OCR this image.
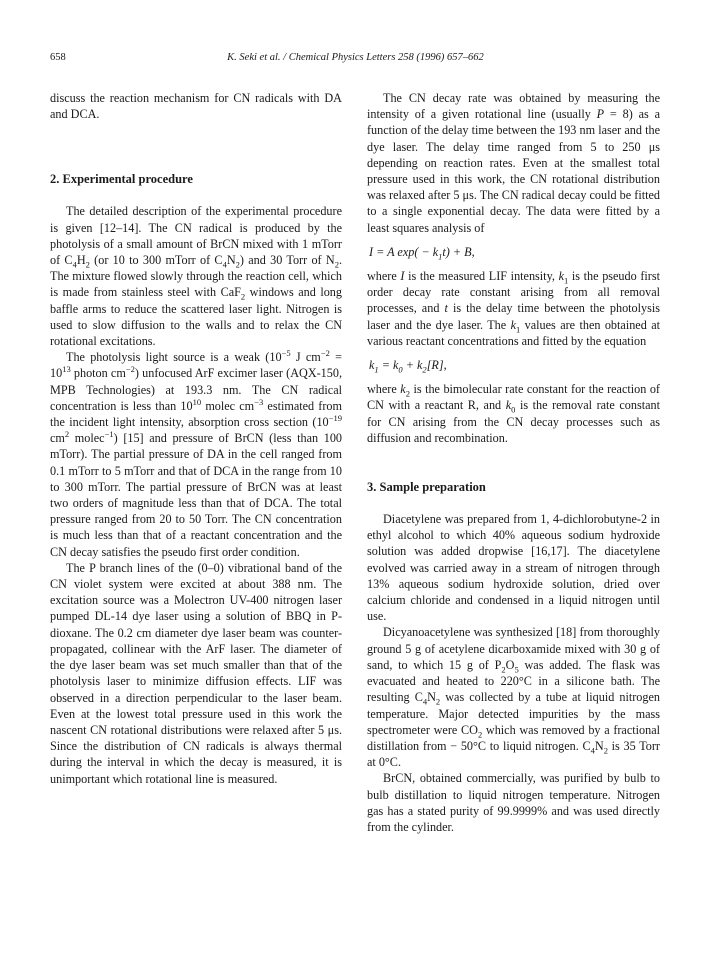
658	K. Seki et al. / Chemical Physics Letters 258 (1996) 657–662

discuss the reaction mechanism for CN radicals with DA and DCA.

2. Experimental procedure

The detailed description of the experimental procedure is given [12–14]. The CN radical is produced by the photolysis of a small amount of BrCN mixed with 1 mTorr of $C_4H_2$ (or 10 to 300 mTorr of $C_4N_2$) and 30 Torr of $N_2$. The mixture flowed slowly through the reaction cell, which is made from stainless steel with CaF$_2$ windows and long baffle arms to reduce the scattered laser light. Nitrogen is used to slow diffusion to the walls and to relax the CN rotational excitations.

The photolysis light source is a weak ($10^{-5}$ J $cm^{-2} = 10^{13}$ photon $cm^{-2}$) unfocused ArF excimer laser (AQX-150, MPB Technologies) at 193.3 nm. The CN radical concentration is less than $10^{10}$ molec $cm^{-3}$ estimated from the incident light intensity, absorption cross section ($10^{-19}$ $cm^2$ molec$^{-1}$) [15] and pressure of BrCN (less than 100 mTorr). The partial pressure of DA in the cell ranged from 0.1 mTorr to 5 mTorr and that of DCA in the range from 10 to 300 mTorr. The partial pressure of BrCN was at least two orders of magnitude less than that of DCA. The total pressure ranged from 20 to 50 Torr. The CN concentration is much less than that of a reactant concentration and the CN decay satisfies the pseudo first order condition.

The P branch lines of the (0–0) vibrational band of the CN violet system were excited at about 388 nm. The excitation source was a Molectron UV-400 nitrogen laser pumped DL-14 dye laser using a solution of BBQ in P-dioxane. The 0.2 cm diameter dye laser beam was counter-propagated, collinear with the ArF laser. The diameter of the dye laser beam was set much smaller than that of the photolysis laser to minimize diffusion effects. LIF was observed in a direction perpendicular to the laser beam. Even at the lowest total pressure used in this work the nascent CN rotational distributions were relaxed after 5 μs. Since the distribution of CN radicals is always thermal during the interval in which the decay is measured, it is unimportant which rotational line is measured.

The CN decay rate was obtained by measuring the intensity of a given rotational line (usually P = 8) as a function of the delay time between the 193 nm laser and the dye laser. The delay time ranged from 5 to 250 μs depending on reaction rates. Even at the smallest total pressure used in this work, the CN rotational distribution was relaxed after 5 μs. The CN radical decay could be fitted to a single exponential decay. The data were fitted by a least squares analysis of

I = A $\exp( - k_1t) + B$,

where I is the measured LIF intensity, $k_1$ is the pseudo first order decay rate constant arising from all removal processes, and t is the delay time between the photolysis laser and the dye laser. The $k_1$ values are then obtained at various reactant concentrations and fitted by the equation

$k_1 = k_0 + k_2[R]$,

where $k_2$ is the bimolecular rate constant for the reaction of CN with a reactant R, and $k_0$ is the removal rate constant for CN arising from the CN decay processes such as diffusion and recombination.

3. Sample preparation

Diacetylene was prepared from 1, 4-dichlorobutyne-2 in ethyl alcohol to which 40% aqueous sodium hydroxide solution was added dropwise [16,17]. The diacetylene evolved was carried away in a stream of nitrogen through 13% aqueous sodium hydroxide solution, dried over calcium chloride and condensed in a liquid nitrogen until use.

Dicyanoacetylene was synthesized [18] from thoroughly ground 5 g of acetylene dicarboxamide mixed with 30 g of sand, to which 15 g of $P_2O_5$ was added. The flask was evacuated and heated to 220°C in a silicone bath. The resulting $C_4N_2$ was collected by a tube at liquid nitrogen temperature. Major detected impurities by the mass spectrometer were $CO_2$ which was removed by a fractional distillation from − 50°C to liquid nitrogen. $C_4N_2$ is 35 Torr at 0°C.

BrCN, obtained commercially, was purified by bulb to bulb distillation to liquid nitrogen temperature. Nitrogen gas has a stated purity of 99.9999% and was used directly from the cylinder.
